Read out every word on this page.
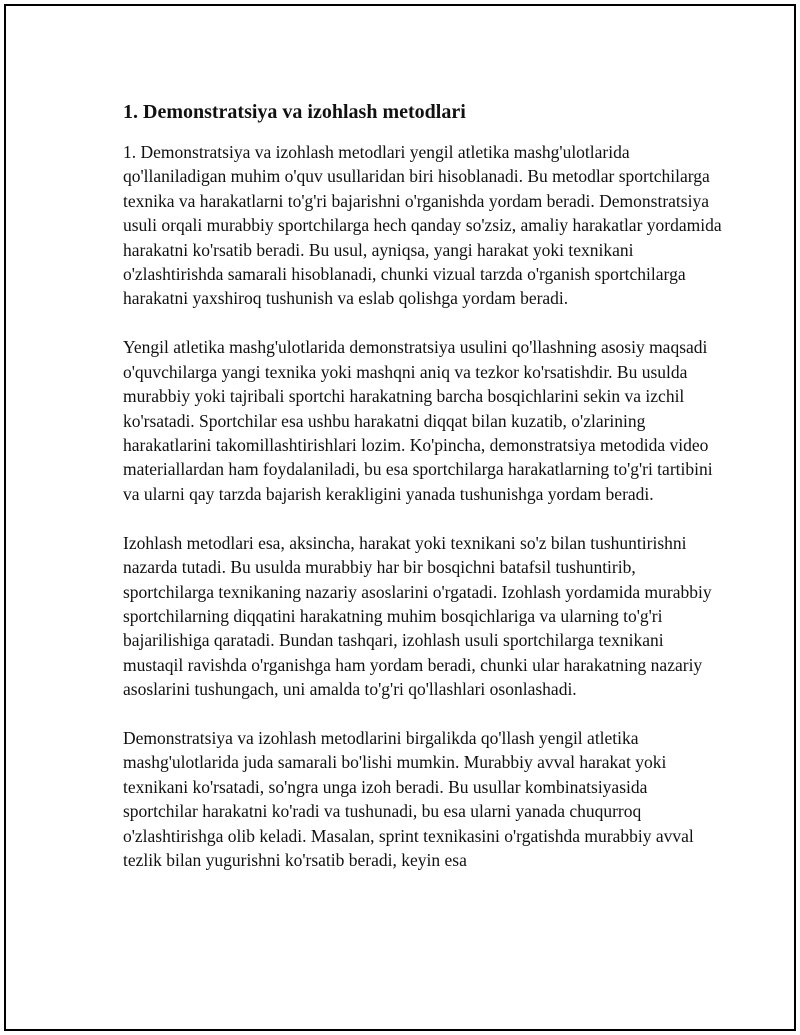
1. Demonstratsiya va izohlash metodlari

1. Demonstratsiya va izohlash metodlari yengil atletika mashg'ulotlarida qo'llaniladigan muhim o'quv usullaridan biri hisoblanadi. Bu metodlar sportchilarga texnika va harakatlarni to'g'ri bajarishni o'rganishda yordam beradi. Demonstratsiya usuli orqali murabbiy sportchilarga hech qanday so'zsiz, amaliy harakatlar yordamida harakatni ko'rsatib beradi. Bu usul, ayniqsa, yangi harakat yoki texnikani o'zlashtirishda samarali hisoblanadi, chunki vizual tarzda o'rganish sportchilarga harakatni yaxshiroq tushunish va eslab qolishga yordam beradi.

Yengil atletika mashg'ulotlarida demonstratsiya usulini qo'llashning asosiy maqsadi o'quvchilarga yangi texnika yoki mashqni aniq va tezkor ko'rsatishdir. Bu usulda murabbiy yoki tajribali sportchi harakatning barcha bosqichlarini sekin va izchil ko'rsatadi. Sportchilar esa ushbu harakatni diqqat bilan kuzatib, o'zlarining harakatlarini takomillashtirishlari lozim. Ko'pincha, demonstratsiya metodida video materiallardan ham foydalaniladi, bu esa sportchilarga harakatlarning to'g'ri tartibini va ularni qay tarzda bajarish kerakligini yanada tushunishga yordam beradi.

Izohlash metodlari esa, aksincha, harakat yoki texnikani so'z bilan tushuntirishni nazarda tutadi. Bu usulda murabbiy har bir bosqichni batafsil tushuntirib, sportchilarga texnikaning nazariy asoslarini o'rgatadi. Izohlash yordamida murabbiy sportchilarning diqqatini harakatning muhim bosqichlariga va ularning to'g'ri bajarilishiga qaratadi. Bundan tashqari, izohlash usuli sportchilarga texnikani mustaqil ravishda o'rganishga ham yordam beradi, chunki ular harakatning nazariy asoslarini tushungach, uni amalda to'g'ri qo'llashlari osonlashadi.

Demonstratsiya va izohlash metodlarini birgalikda qo'llash yengil atletika mashg'ulotlarida juda samarali bo'lishi mumkin. Murabbiy avval harakat yoki texnikani ko'rsatadi, so'ngra unga izoh beradi. Bu usullar kombinatsiyasida sportchilar harakatni ko'radi va tushunadi, bu esa ularni yanada chuqurroq o'zlashtirishga olib keladi. Masalan, sprint texnikasini o'rgatishda murabbiy avval tezlik bilan yugurishni ko'rsatib beradi, keyin esa
